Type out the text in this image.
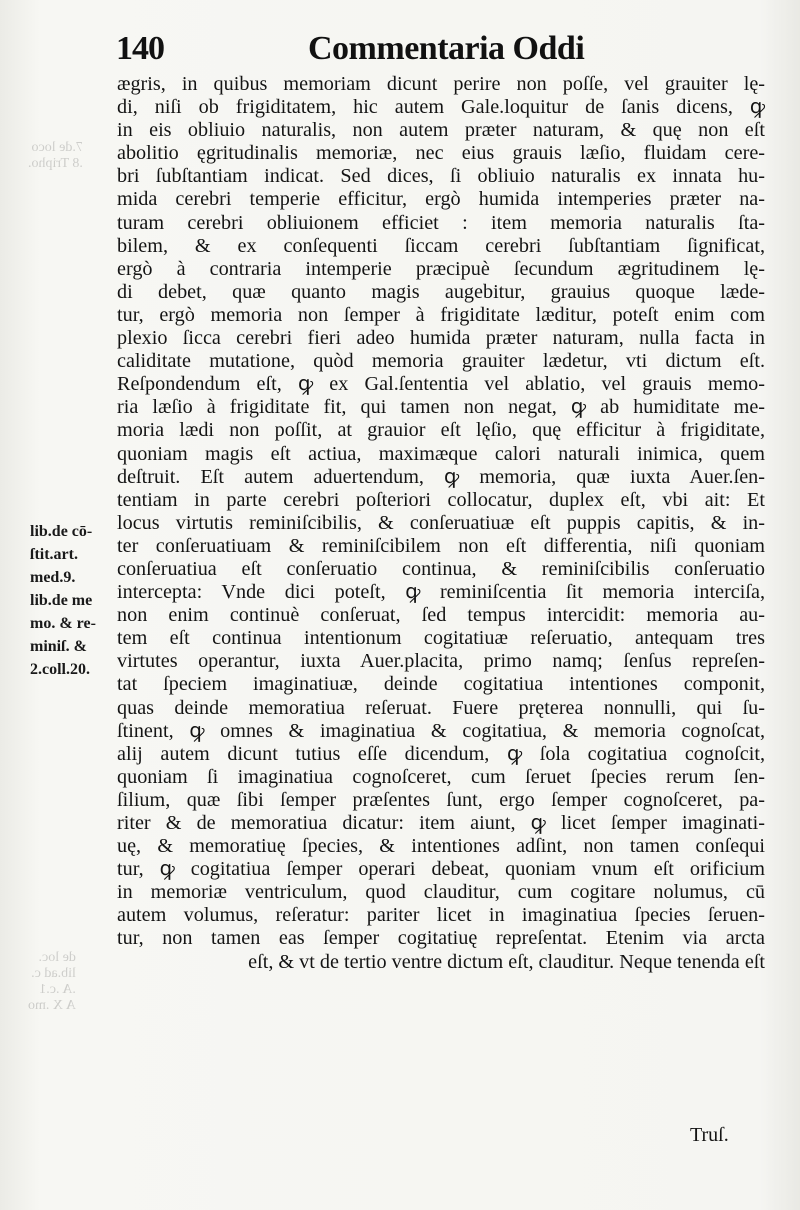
7.de loco
.8 Tripho.
de loc.
lib.ad c.
.A .c.1
A X .mo
140	Commentaria Oddi
lib.de cō-
ſtit.art.
med.9.
lib.de me
mo. & re-
miniſ. &
2.coll.20.
ægris, in quibus memoriam dicunt perire non poſſe, vel grauiter lę-
di, niſi ob frigiditatem, hic autem Gale.loquitur de ſanis dicens, ꝙ
in eis obliuio naturalis, non autem præter naturam, & quę non eſt
abolitio ęgritudinalis memoriæ, nec eius grauis læſio, fluidam cere-
bri ſubſtantiam indicat. Sed dices, ſi obliuio naturalis ex innata hu-
mida cerebri temperie efficitur, ergò humida intemperies præter na-
turam cerebri obliuionem efficiet : item memoria naturalis ſta-
bilem, & ex conſequenti ſiccam cerebri ſubſtantiam ſignificat,
ergò à contraria intemperie præcipuè ſecundum ægritudinem lę-
di debet, quæ quanto magis augebitur, grauius quoque læde-
tur, ergò memoria non ſemper à frigiditate læditur, poteſt enim com
plexio ſicca cerebri fieri adeo humida præter naturam, nulla facta in
caliditate mutatione, quòd memoria grauiter lædetur, vti dictum eſt.
Reſpondendum eſt, ꝙ ex Gal.ſententia vel ablatio, vel grauis memo-
ria læſio à frigiditate fit, qui tamen non negat, ꝙ ab humiditate me-
moria lædi non poſſit, at grauior eſt lęſio, quę efficitur à frigiditate,
quoniam magis eſt actiua, maximæque calori naturali inimica, quem
deſtruit. Eſt autem aduertendum, ꝙ memoria, quæ iuxta Auer.ſen-
tentiam in parte cerebri poſteriori collocatur, duplex eſt, vbi ait: Et
locus virtutis reminiſcibilis, & conſeruatiuæ eſt puppis capitis, & in-
ter conſeruatiuam & reminiſcibilem non eſt differentia, niſi quoniam
conſeruatiua eſt conſeruatio continua, & reminiſcibilis conſeruatio
intercepta: Vnde dici poteſt, ꝙ reminiſcentia ſit memoria interciſa,
non enim continuè conſeruat, ſed tempus intercidit: memoria au-
tem eſt continua intentionum cogitatiuæ reſeruatio, antequam tres
virtutes operantur, iuxta Auer.placita, primo namq; ſenſus repreſen-
tat ſpeciem imaginatiuæ, deinde cogitatiua intentiones componit,
quas deinde memoratiua reſeruat. Fuere pręterea nonnulli, qui ſu-
ſtinent, ꝙ omnes & imaginatiua & cogitatiua, & memoria cognoſcat,
alij autem dicunt tutius eſſe dicendum, ꝙ ſola cogitatiua cognoſcit,
quoniam ſi imaginatiua cognoſceret, cum ſeruet ſpecies rerum ſen-
ſilium, quæ ſibi ſemper præſentes ſunt, ergo ſemper cognoſceret, pa-
riter & de memoratiua dicatur: item aiunt, ꝙ licet ſemper imaginati-
uę, & memoratiuę ſpecies, & intentiones adſint, non tamen conſequi
tur, ꝙ cogitatiua ſemper operari debeat, quoniam vnum eſt orificium
in memoriæ ventriculum, quod clauditur, cum cogitare nolumus, cū
autem volumus, reſeratur: pariter licet in imaginatiua ſpecies ſeruen-
tur, non tamen eas ſemper cogitatiuę repreſentat. Etenim via arcta
eſt, & vt de tertio ventre dictum eſt, clauditur. Neque tenenda eſt
Truſ.
